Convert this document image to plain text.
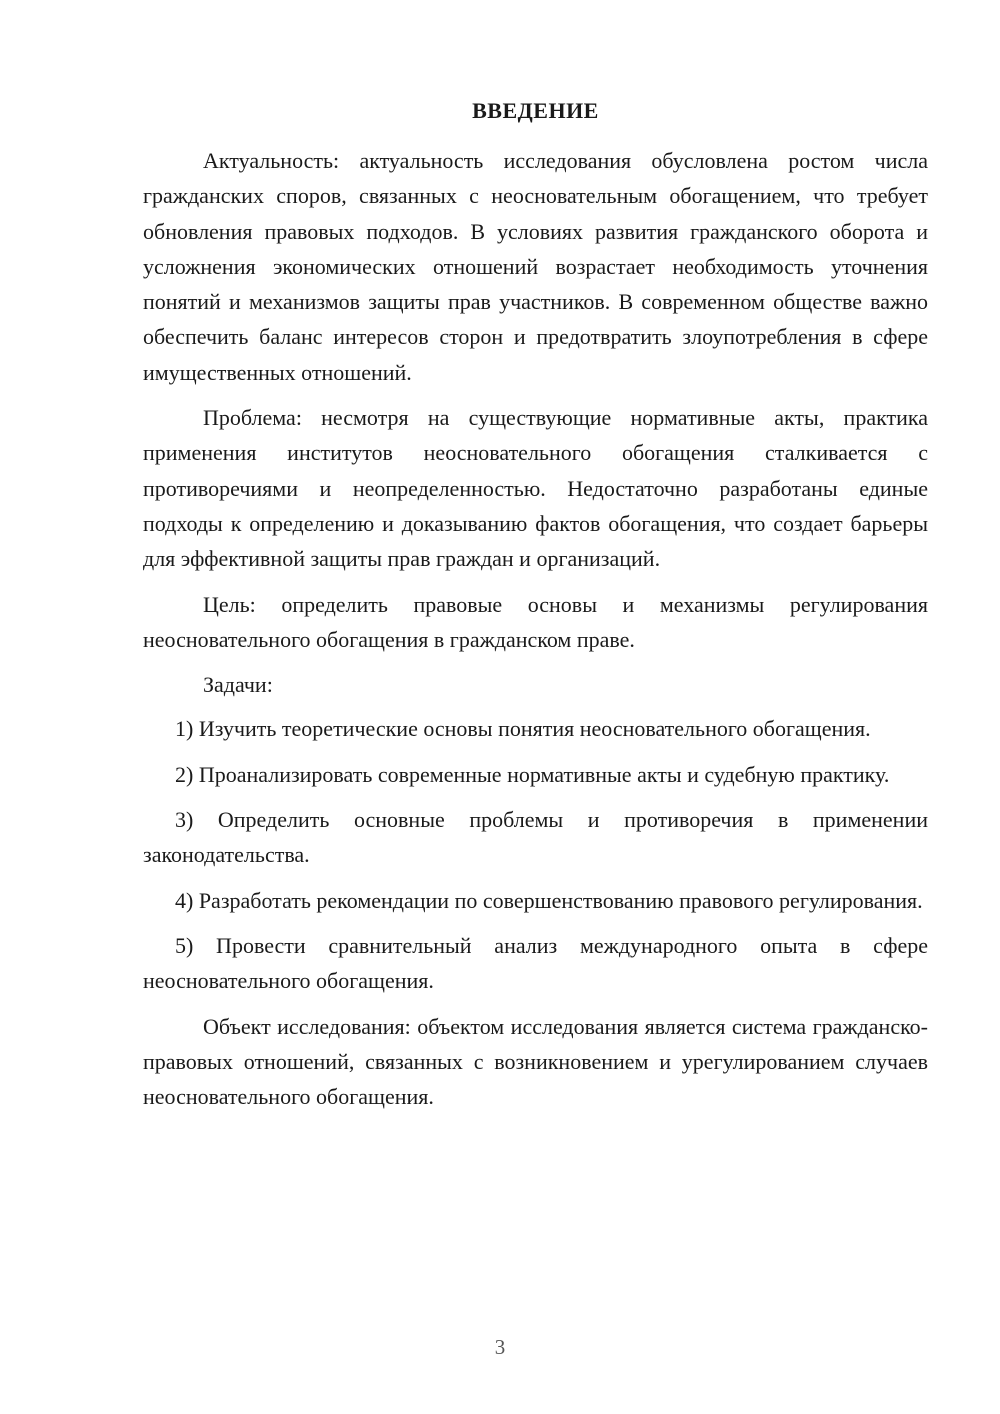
ВВЕДЕНИЕ

Актуальность: актуальность исследования обусловлена ростом числа гражданских споров, связанных с неосновательным обогащением, что требует обновления правовых подходов. В условиях развития гражданского оборота и усложнения экономических отношений возрастает необходимость уточнения понятий и механизмов защиты прав участников. В современном обществе важно обеспечить баланс интересов сторон и предотвратить злоупотребления в сфере имущественных отношений.

Проблема: несмотря на существующие нормативные акты, практика применения институтов неосновательного обогащения сталкивается с противоречиями и неопределенностью. Недостаточно разработаны единые подходы к определению и доказыванию фактов обогащения, что создает барьеры для эффективной защиты прав граждан и организаций.

Цель: определить правовые основы и механизмы регулирования неосновательного обогащения в гражданском праве.

Задачи:

1) Изучить теоретические основы понятия неосновательного обогащения.

2) Проанализировать современные нормативные акты и судебную практику.

3) Определить основные проблемы и противоречия в применении законодательства.

4) Разработать рекомендации по совершенствованию правового регулирования.

5) Провести сравнительный анализ международного опыта в сфере неосновательного обогащения.

Объект исследования: объектом исследования является система гражданско-правовых отношений, связанных с возникновением и урегулированием случаев неосновательного обогащения.

3
